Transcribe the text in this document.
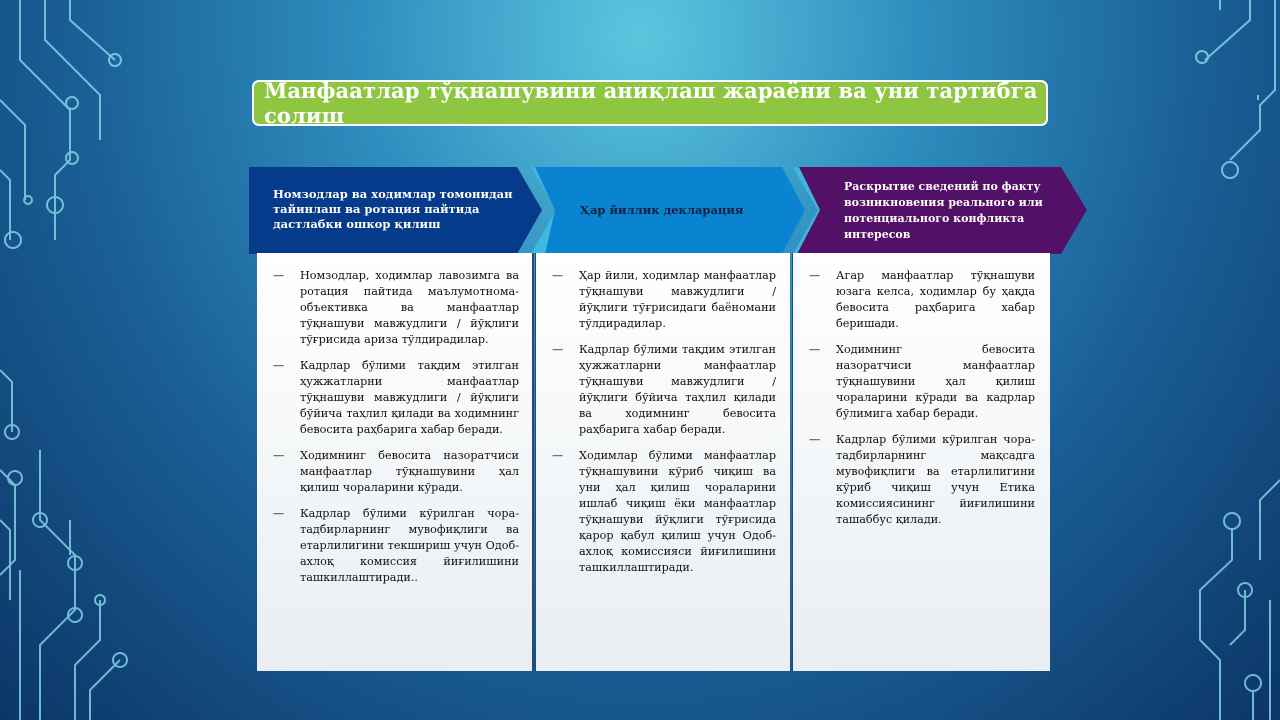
Манфаатлар тўқнашувини аниқлаш жараёни ва уни тартибга солиш
Номзодлар ва ходимлар томонидан тайинлаш ва ротация пайтида дастлабки ошкор қилиш
Ҳар йиллик декларация
Раскрытие сведений по факту возникновения реального или потенциального конфликта интересов
— Номзодлар, ходимлар лавозимга ва ротация пайтида маълумотнома-объективка ва манфаатлар тўқнашуви мавжудлиги / йўқлиги тўғрисида ариза тўлдирадилар.
— Кадрлар бўлими тақдим этилган ҳужжатларни манфаатлар тўқнашуви мавжудлиги / йўқлиги бўйича таҳлил қилади ва ходимнинг бевосита раҳбарига хабар беради.
— Ходимнинг бевосита назоратчиси манфаатлар тўқнашувини ҳал қилиш чораларини кўради.
— Кадрлар бўлими кўрилган чора-тадбирларнинг мувофиқлиги ва етарлилигини текшириш учун Одоб-ахлоқ комиссия йиғилишини ташкиллаштиради..
— Ҳар йили, ходимлар манфаатлар тўқнашуви мавжудлиги / йўқлиги тўғрисидаги баёномани тўлдирадилар.
— Кадрлар бўлими тақдим этилган ҳужжатларни манфаатлар тўқнашуви мавжудлиги / йўқлиги бўйича таҳлил қилади ва ходимнинг бевосита раҳбарига хабар беради.
— Ходимлар бўлими манфаатлар тўқнашувини кўриб чиқиш ва уни ҳал қилиш чораларини ишлаб чиқиш ёки манфаатлар тўқнашуви йўқлиги тўғрисида қарор қабул қилиш учун Одоб-ахлоқ комиссияси йиғилишини ташкиллаштиради.
— Агар манфаатлар тўқнашуви юзага келса, ходимлар бу ҳақда бевосита раҳбарига хабар беришади.
— Ходимнинг бевосита назоратчиси манфаатлар тўқнашувини ҳал қилиш чораларини кўради ва кадрлар бўлимига хабар беради.
— Кадрлар бўлими кўрилган чора-тадбирларнинг мақсадга мувофиқлиги ва етарлилигини кўриб чиқиш учун Етика комиссиясининг йиғилишини ташаббус қилади.
